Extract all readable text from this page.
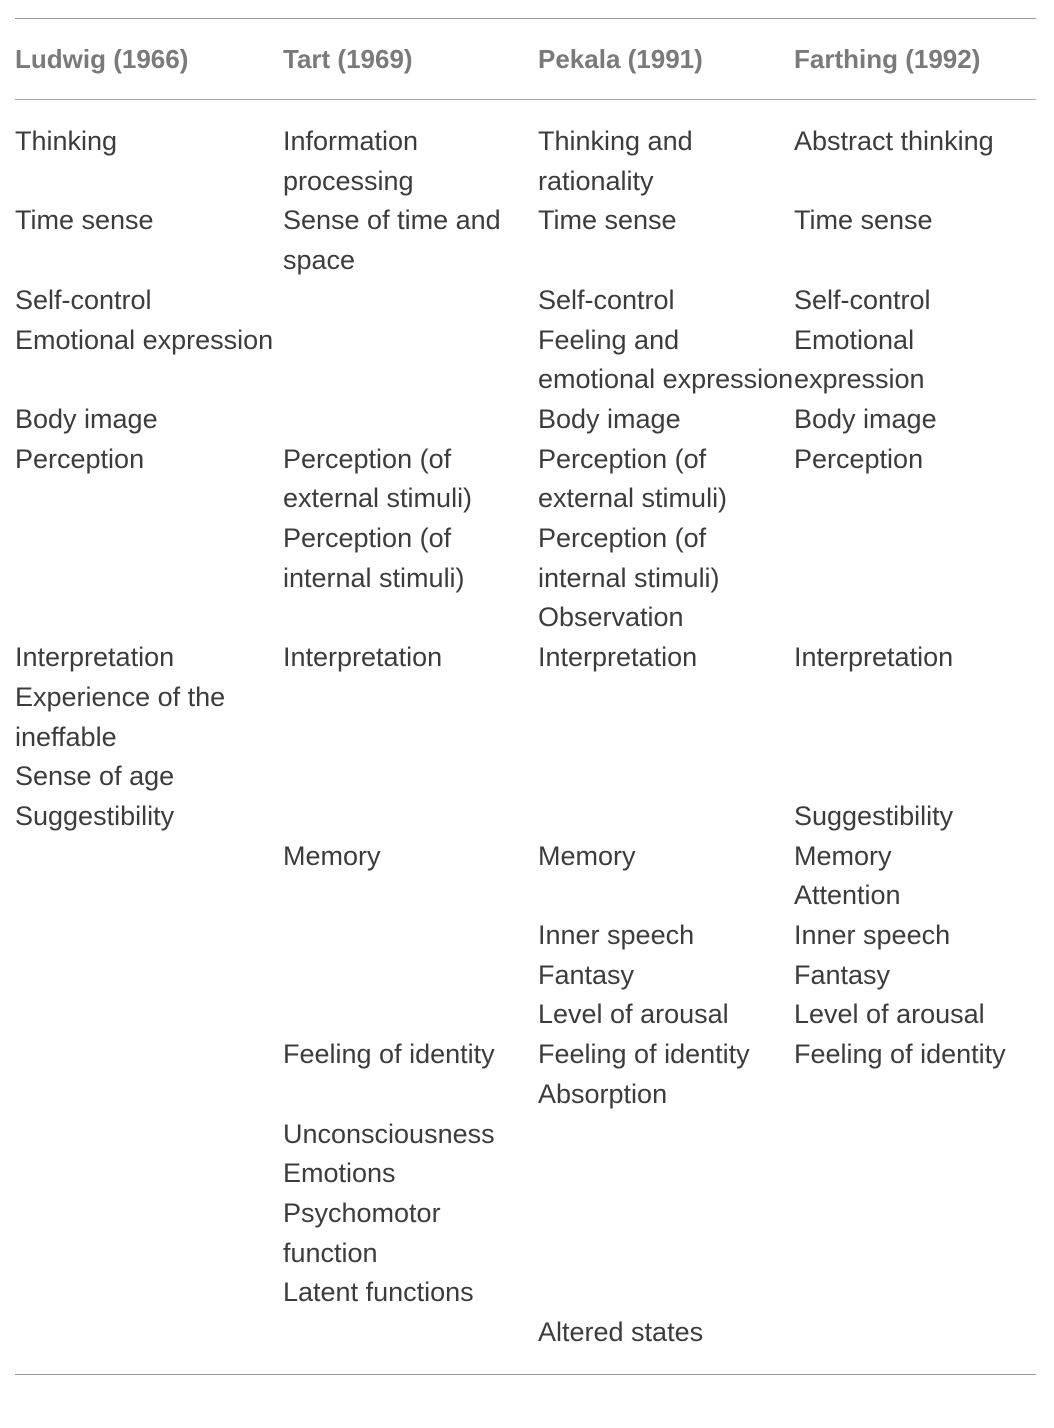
Ludwig (1966)	Tart (1969)	Pekala (1991)	Farthing (1992)
Thinking	Information processing	Thinking and rationality	Abstract thinking
Time sense	Sense of time and space	Time sense	Time sense
Self-control		Self-control	Self-control
Emotional expression		Feeling and emotional expression	Emotional expression
Body image		Body image	Body image
Perception	Perception (of external stimuli)	Perception (of external stimuli)	Perception
	Perception (of internal stimuli)	Perception (of internal stimuli)	
		Observation	
Interpretation	Interpretation	Interpretation	Interpretation
Experience of the ineffable			
Sense of age			
Suggestibility			Suggestibility
	Memory	Memory	Memory
			Attention
		Inner speech	Inner speech
		Fantasy	Fantasy
		Level of arousal	Level of arousal
	Feeling of identity	Feeling of identity	Feeling of identity
		Absorption	
	Unconsciousness		
	Emotions		
	Psychomotor function		
	Latent functions		
		Altered states	
